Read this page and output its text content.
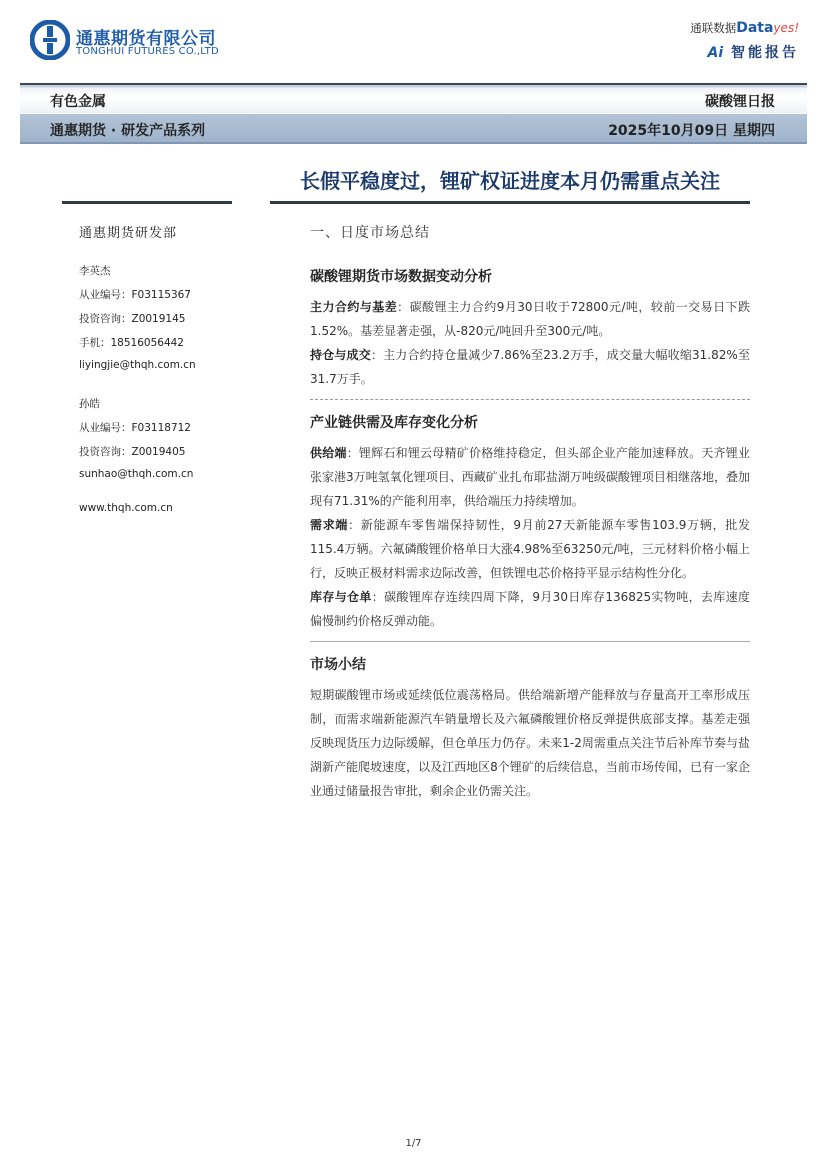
通惠期货有限公司
TONGHUI FUTURES CO.,LTD
通联数据Datayes!
Ai 智能报告
有色金属	碳酸锂日报
通惠期货 · 研发产品系列	2025年10月09日 星期四
长假平稳度过，锂矿权证进度本月仍需重点关注
通惠期货研发部
李英杰
从业编号：F03115367
投资咨询：Z0019145
手机：18516056442
liyingjie@thqh.com.cn
孙皓
从业编号：F03118712
投资咨询：Z0019405
sunhao@thqh.com.cn
www.thqh.com.cn
一、日度市场总结
碳酸锂期货市场数据变动分析

主力合约与基差：碳酸锂主力合约9月30日收于72800元/吨，较前一交易日下跌1.52%。基差显著走强，从-820元/吨回升至300元/吨。

持仓与成交：主力合约持仓量减少7.86%至23.2万手，成交量大幅收缩31.82%至31.7万手。

产业链供需及库存变化分析

供给端：锂辉石和锂云母精矿价格维持稳定，但头部企业产能加速释放。天齐锂业张家港3万吨氢氧化锂项目、西藏矿业扎布耶盐湖万吨级碳酸锂项目相继落地，叠加现有71.31%的产能利用率，供给端压力持续增加。

需求端：新能源车零售端保持韧性，9月前27天新能源车零售103.9万辆，批发115.4万辆。六氟磷酸锂价格单日大涨4.98%至63250元/吨，三元材料价格小幅上行，反映正极材料需求边际改善，但铁锂电芯价格持平显示结构性分化。

库存与仓单：碳酸锂库存连续四周下降，9月30日库存136825实物吨，去库速度偏慢制约价格反弹动能。

市场小结

短期碳酸锂市场或延续低位震荡格局。供给端新增产能释放与存量高开工率形成压制，而需求端新能源汽车销量增长及六氟磷酸锂价格反弹提供底部支撑。基差走强反映现货压力边际缓解，但仓单压力仍存。未来1-2周需重点关注节后补库节奏与盐湖新产能爬坡速度，以及江西地区8个锂矿的后续信息，当前市场传闻，已有一家企业通过储量报告审批，剩余企业仍需关注。

1/7
